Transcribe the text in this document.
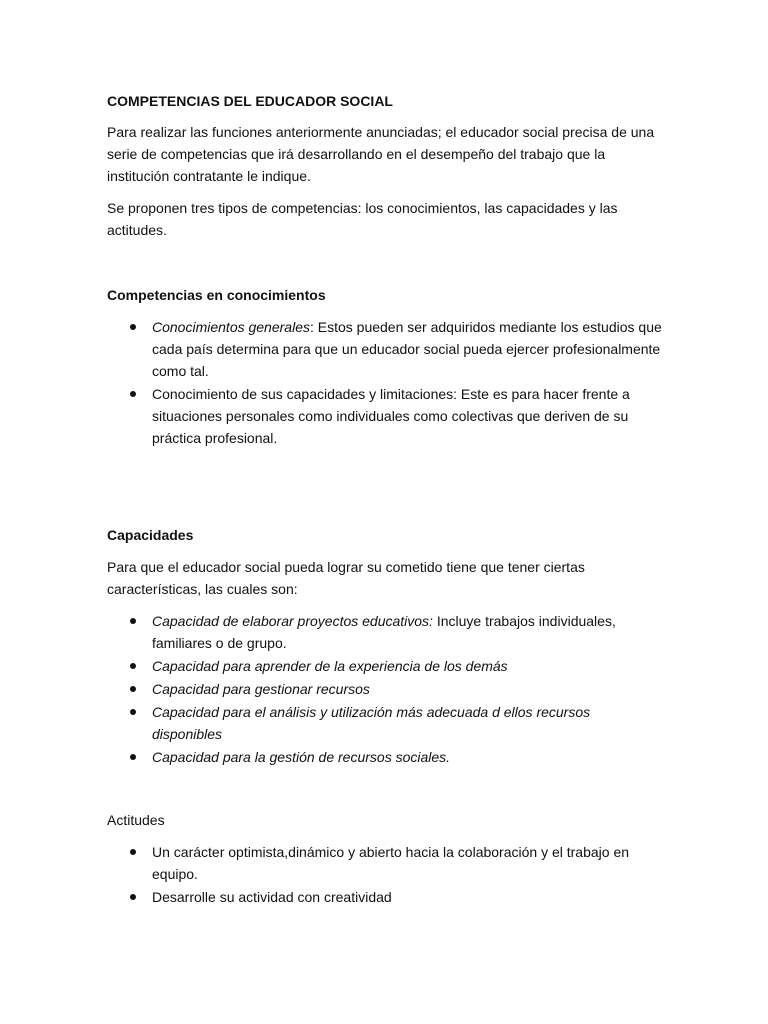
COMPETENCIAS DEL EDUCADOR SOCIAL

Para realizar las funciones anteriormente anunciadas; el educador social precisa de una serie de competencias que irá desarrollando en el desempeño del trabajo que la institución contratante le indique.

Se proponen tres tipos de competencias: los conocimientos, las capacidades y las actitudes.

Competencias en conocimientos
Conocimientos generales: Estos pueden ser adquiridos mediante los estudios que cada país determina para que un educador social pueda ejercer profesionalmente como tal.
Conocimiento de sus capacidades y limitaciones: Este es para hacer frente a situaciones personales como individuales como colectivas que deriven de su práctica profesional.
Capacidades

Para que el educador social pueda lograr su cometido tiene que tener ciertas características, las cuales son:

Capacidad de elaborar proyectos educativos: Incluye trabajos individuales, familiares o de grupo.
Capacidad para aprender de la experiencia de los demás
Capacidad para gestionar recursos
Capacidad para el análisis y utilización más adecuada d ellos recursos disponibles
Capacidad para la gestión de recursos sociales.
Actitudes
Un carácter optimista,dinámico y abierto hacia la colaboración y el trabajo en equipo.
Desarrolle su actividad con creatividad
